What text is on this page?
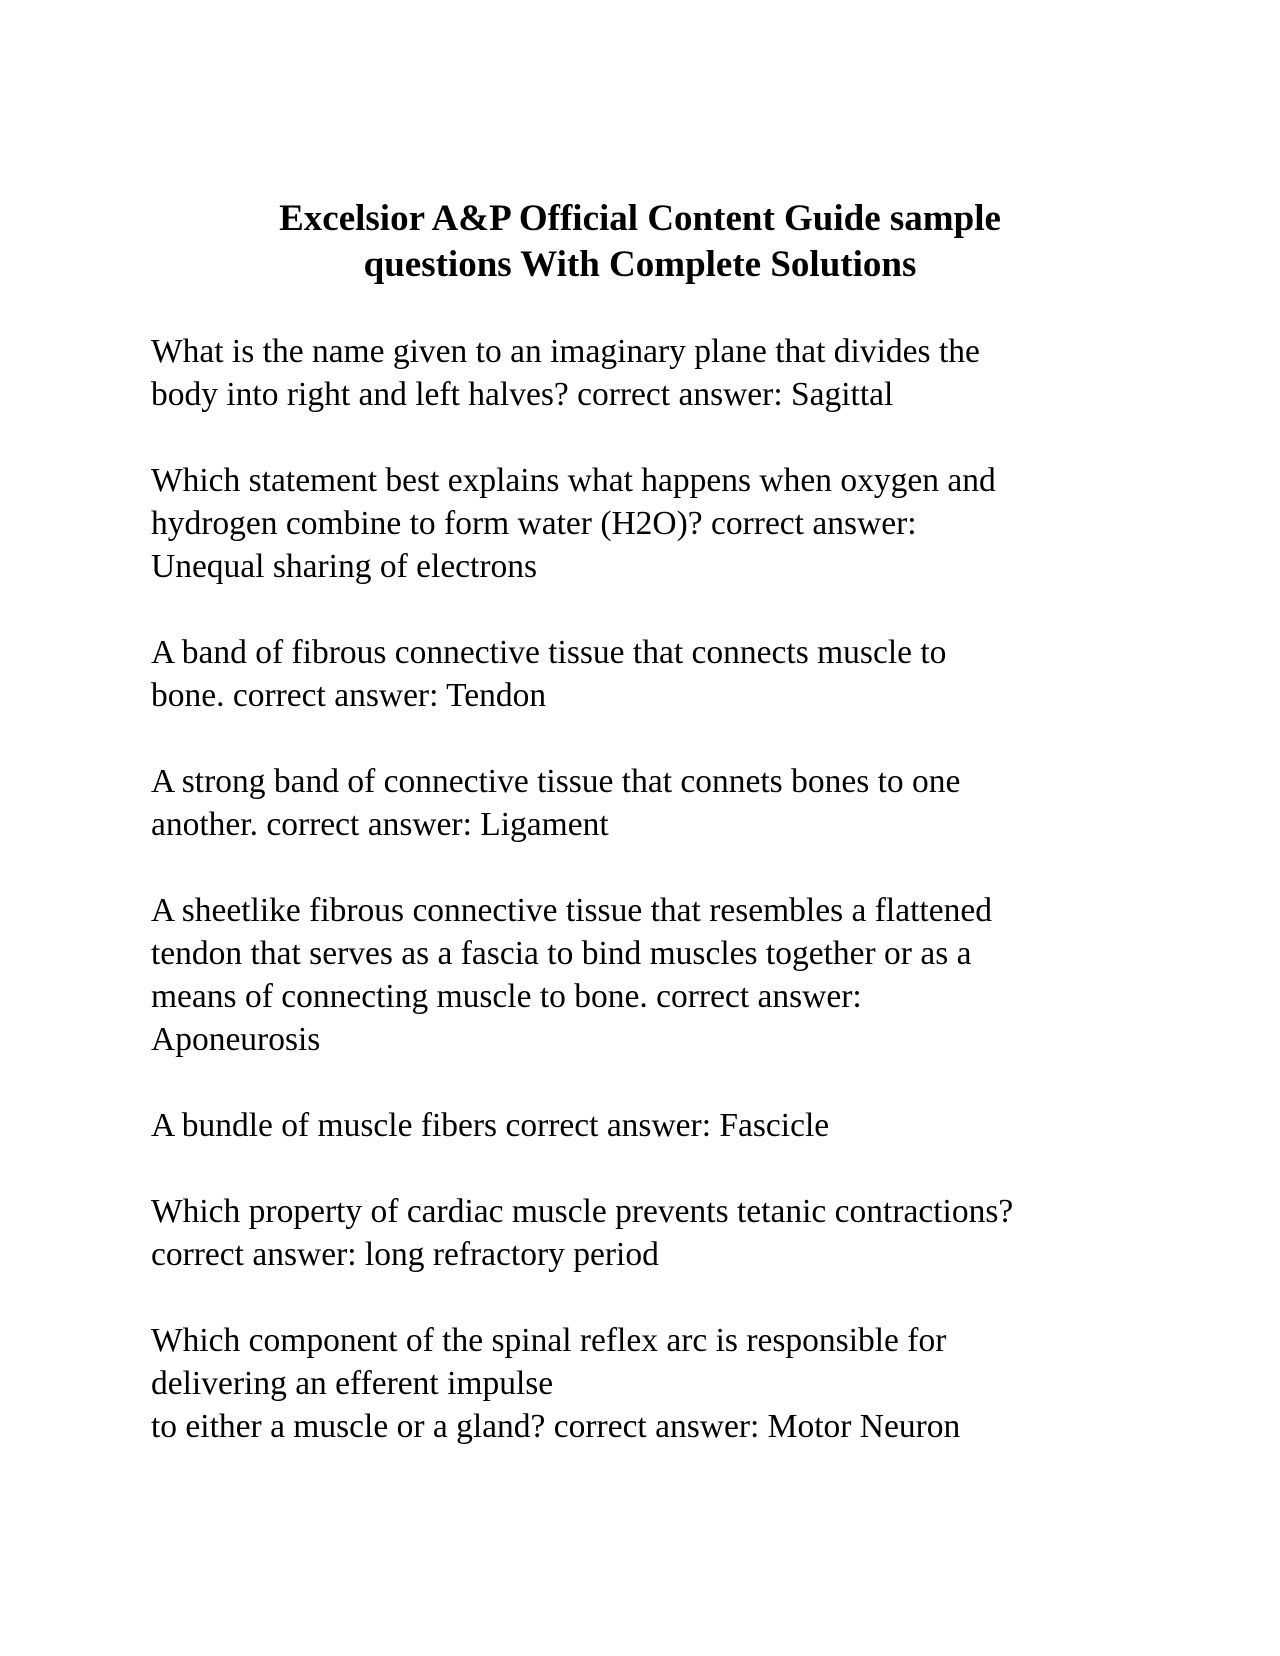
Excelsior A&P Official Content Guide sample
questions With Complete Solutions
What is the name given to an imaginary plane that divides the
body into right and left halves? correct answer: Sagittal
Which statement best explains what happens when oxygen and
hydrogen combine to form water (H2O)? correct answer:
Unequal sharing of electrons
A band of fibrous connective tissue that connects muscle to
bone. correct answer: Tendon
A strong band of connective tissue that connets bones to one
another. correct answer: Ligament
A sheetlike fibrous connective tissue that resembles a flattened
tendon that serves as a fascia to bind muscles together or as a
means of connecting muscle to bone. correct answer:
Aponeurosis
A bundle of muscle fibers correct answer: Fascicle
Which property of cardiac muscle prevents tetanic contractions?
correct answer: long refractory period
Which component of the spinal reflex arc is responsible for
delivering an efferent impulse
to either a muscle or a gland? correct answer: Motor Neuron
